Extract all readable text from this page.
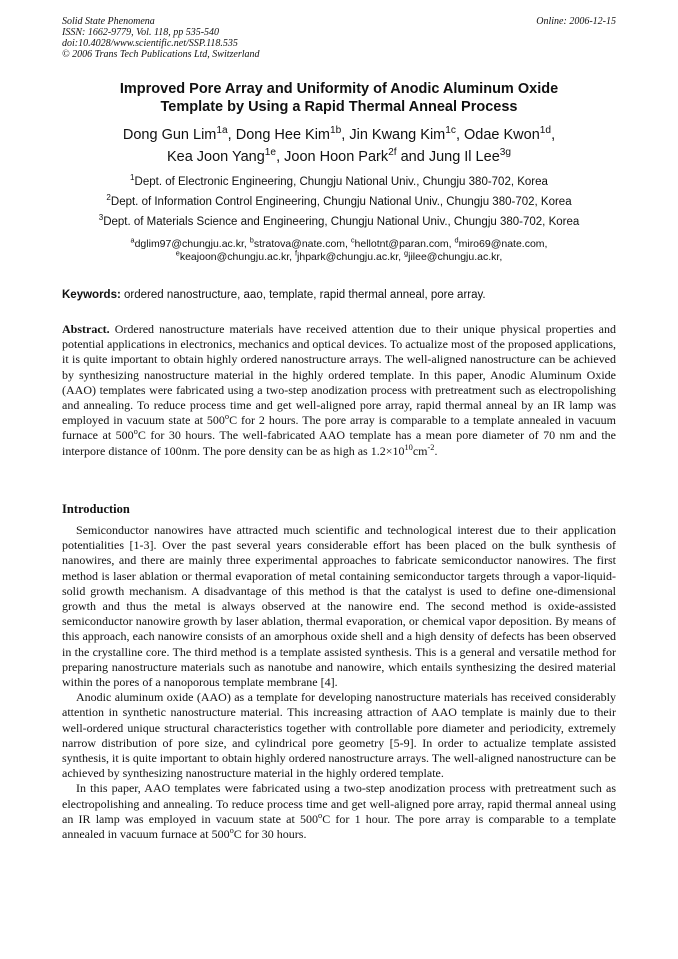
Solid State Phenomena
ISSN: 1662-9779, Vol. 118, pp 535-540
doi:10.4028/www.scientific.net/SSP.118.535
© 2006 Trans Tech Publications Ltd, Switzerland
Online: 2006-12-15
Improved Pore Array and Uniformity of Anodic Aluminum Oxide
Template by Using a Rapid Thermal Anneal Process
Dong Gun Lim$^{1a}$, Dong Hee Kim$^{1b}$, Jin Kwang Kim$^{1c}$, Odae Kwon$^{1d}$,
Kea Joon Yang$^{1e}$, Joon Hoon Park$^{2f}$ and Jung Il Lee$^{3g}$
$^1$Dept. of Electronic Engineering, Chungju National Univ., Chungju 380-702, Korea
$^2$Dept. of Information Control Engineering, Chungju National Univ., Chungju 380-702, Korea
$^3$Dept. of Materials Science and Engineering, Chungju National Univ., Chungju 380-702, Korea
$^a$dglim97@chungju.ac.kr, $^b$stratova@nate.com, $^c$hellotnt@paran.com, $^d$miro69@nate.com,
$^e$keajoon@chungju.ac.kr, $^f$jhpark@chungju.ac.kr, $^g$jilee@chungju.ac.kr,
Keywords: ordered nanostructure, aao, template, rapid thermal anneal, pore array.
Abstract. Ordered nanostructure materials have received attention due to their unique physical properties and potential applications in electronics, mechanics and optical devices. To actualize most of the proposed applications, it is quite important to obtain highly ordered nanostructure arrays. The well-aligned nanostructure can be achieved by synthesizing nanostructure material in the highly ordered template. In this paper, Anodic Aluminum Oxide (AAO) templates were fabricated using a two-step anodization process with pretreatment such as electropolishing and annealing. To reduce process time and get well-aligned pore array, rapid thermal anneal by an IR lamp was employed in vacuum state at 500$^o$C for 2 hours. The pore array is comparable to a template annealed in vacuum furnace at 500$^o$C for 30 hours. The well-fabricated AAO template has a mean pore diameter of 70 nm and the interpore distance of 100nm. The pore density can be as high as $1.2\times 10^{10}cm^{-2}$.
Introduction

Semiconductor nanowires have attracted much scientific and technological interest due to their application potentialities [1-3]. Over the past several years considerable effort has been placed on the bulk synthesis of nanowires, and there are mainly three experimental approaches to fabricate semiconductor nanowires. The first method is laser ablation or thermal evaporation of metal containing semiconductor targets through a vapor-liquid-solid growth mechanism. A disadvantage of this method is that the catalyst is used to define one-dimensional growth and thus the metal is always observed at the nanowire end. The second method is oxide-assisted semiconductor nanowire growth by laser ablation, thermal evaporation, or chemical vapor deposition. By means of this approach, each nanowire consists of an amorphous oxide shell and a high density of defects has been observed in the crystalline core. The third method is a template assisted synthesis. This is a general and versatile method for preparing nanostructure materials such as nanotube and nanowire, which entails synthesizing the desired material within the pores of a nanoporous template membrane [4].

Anodic aluminum oxide (AAO) as a template for developing nanostructure materials has received considerably attention in synthetic nanostructure material. This increasing attraction of AAO template is mainly due to their well-ordered unique structural characteristics together with controllable pore diameter and periodicity, extremely narrow distribution of pore size, and cylindrical pore geometry [5-9]. In order to actualize template assisted synthesis, it is quite important to obtain highly ordered nanostructure arrays. The well-aligned nanostructure can be achieved by synthesizing nanostructure material in the highly ordered template.

In this paper, AAO templates were fabricated using a two-step anodization process with pretreatment such as electropolishing and annealing. To reduce process time and get well-aligned pore array, rapid thermal anneal using an IR lamp was employed in vacuum state at 500$^o$C for 1 hour. The pore array is comparable to a template annealed in vacuum furnace at 500$^o$C for 30 hours.
